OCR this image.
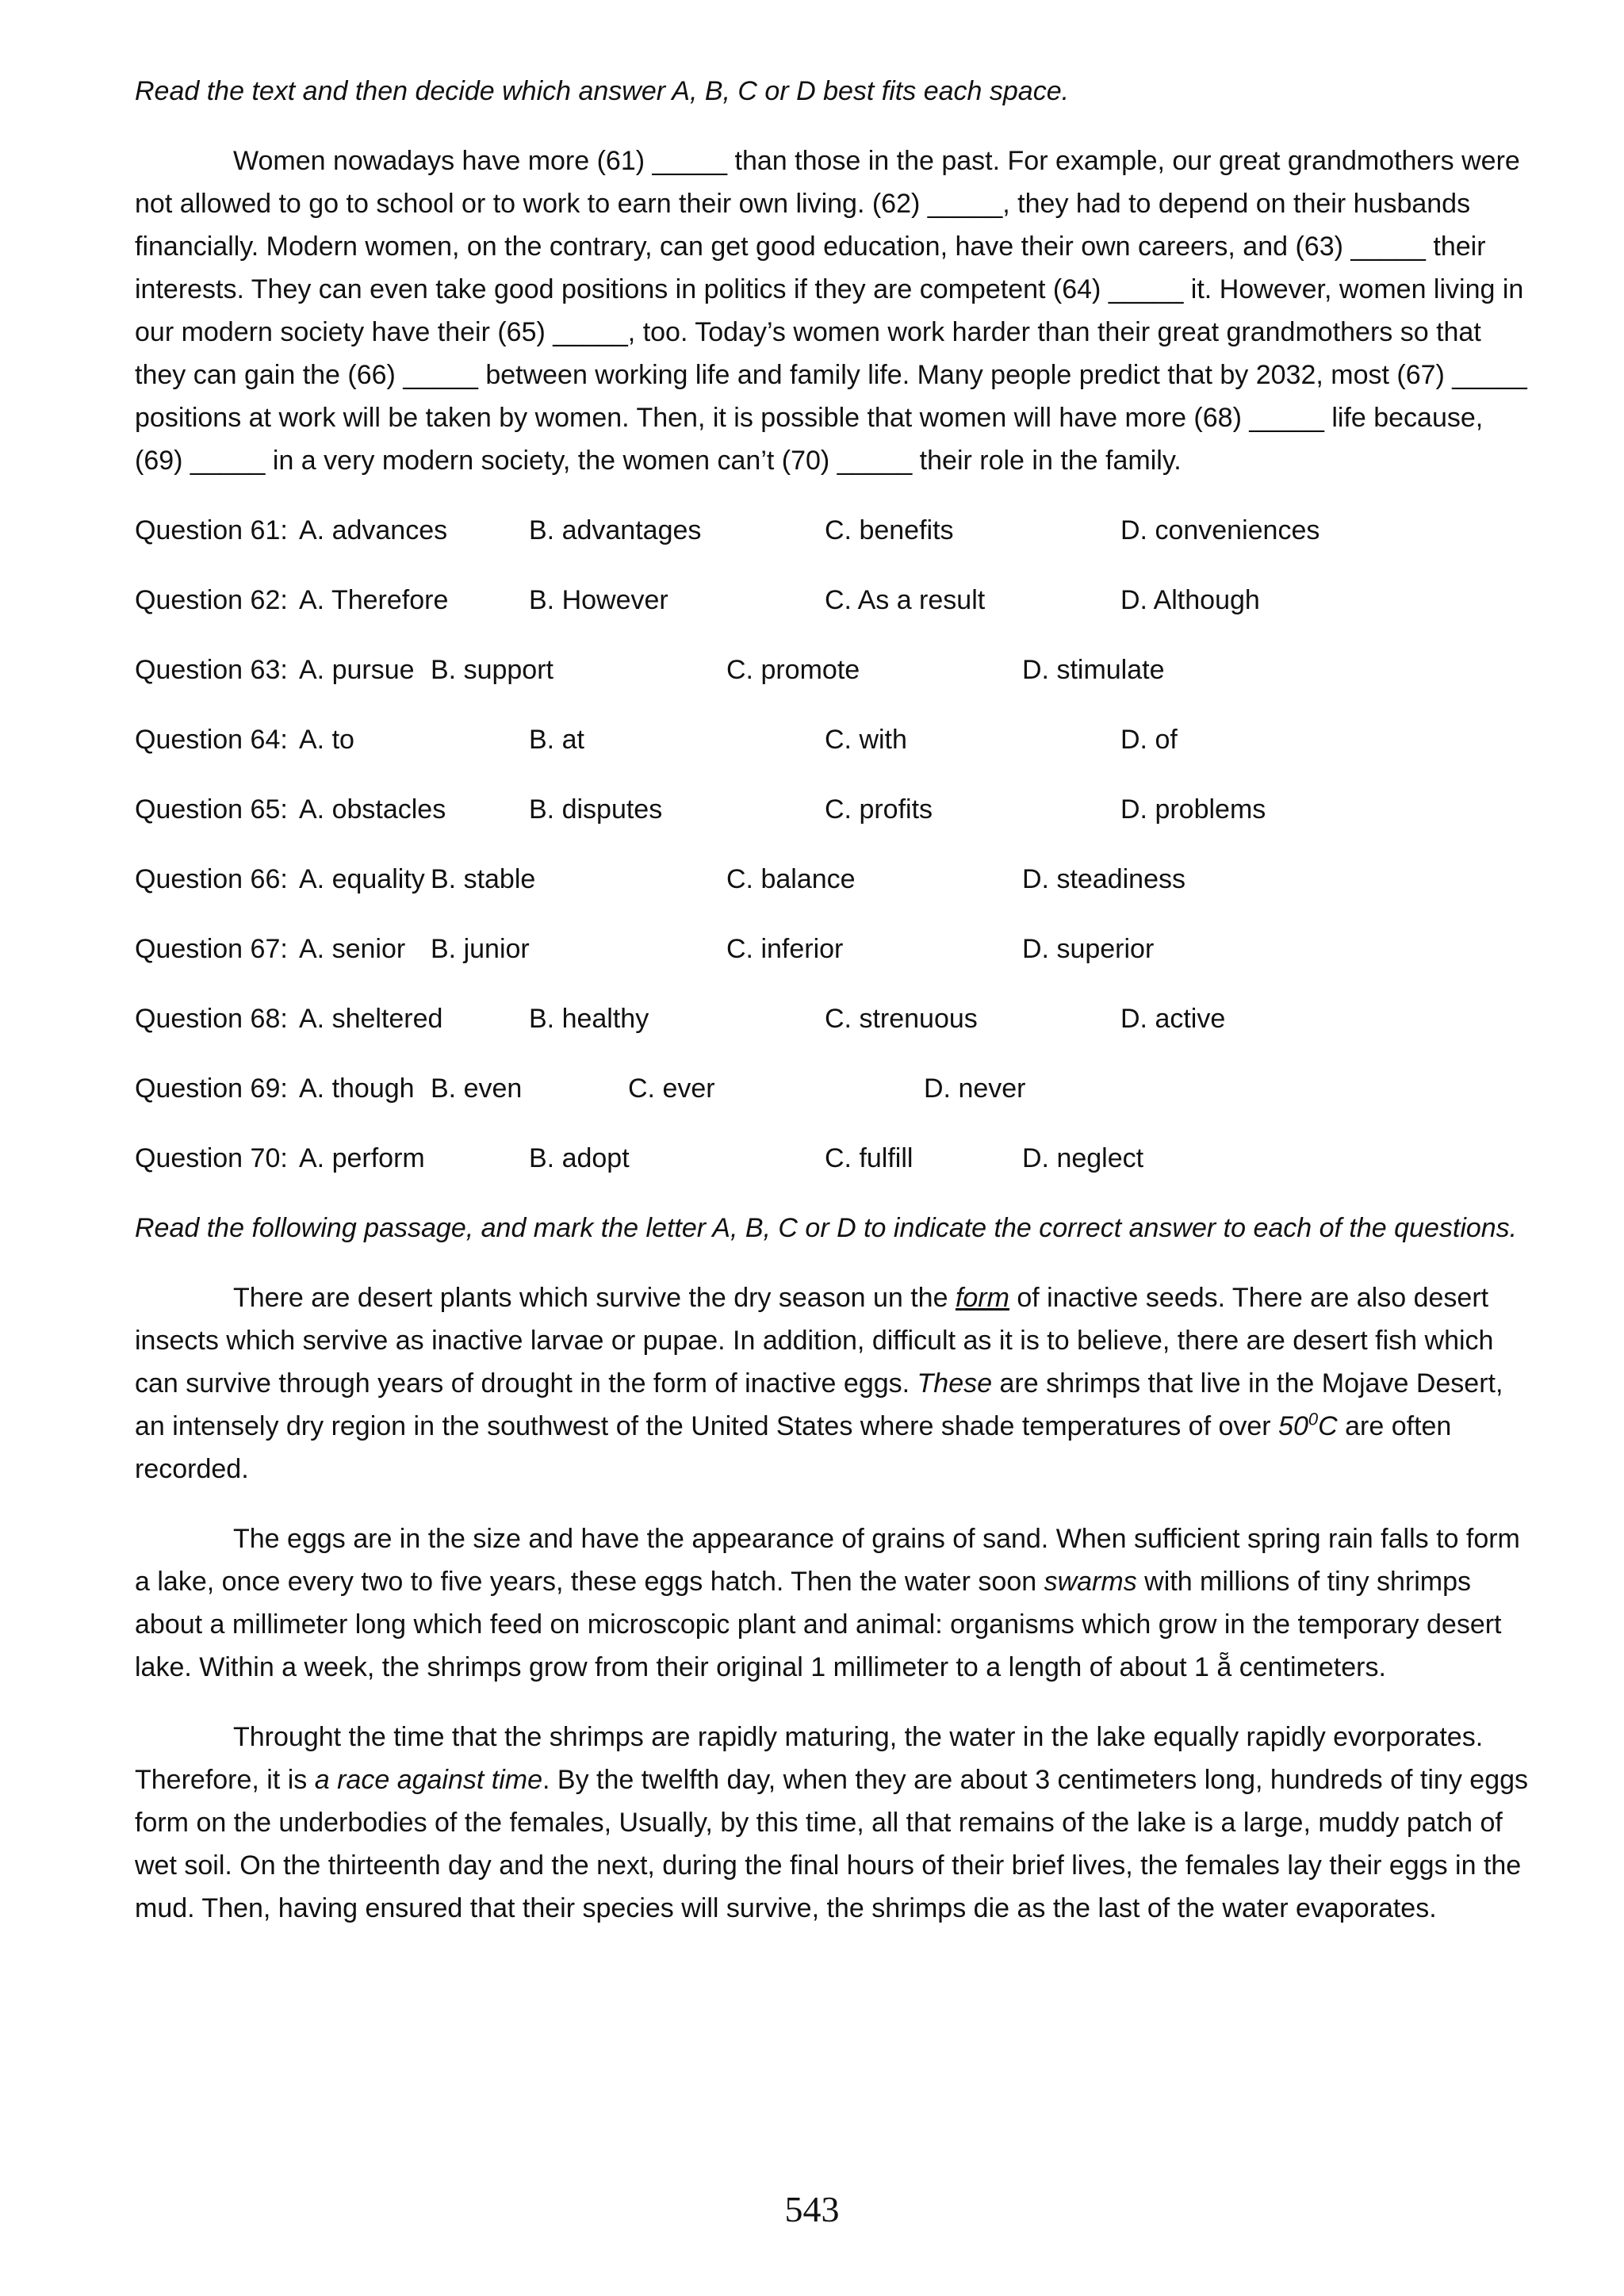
Read the text and then decide which answer A, B, C or D best fits each space.

Women nowadays have more (61) _____ than those in the past. For example, our great grandmothers were not allowed to go to school or to work to earn their own living. (62) _____, they had to depend on their husbands financially. Modern women, on the contrary, can get good education, have their own careers, and (63) _____ their interests. They can even take good positions in politics if they are competent (64) _____ it. However, women living in our modern society have their (65) _____, too. Today’s women work harder than their great grandmothers so that they can gain the (66) _____ between working life and family life. Many people predict that by 2032, most (67) _____ positions at work will be taken by women. Then, it is possible that women will have more (68) _____ life because, (69) _____ in a very modern society, the women can’t (70) _____ their role in the family.

Question 61: A. advances	B. advantages	C. benefits	D. conveniences
Question 62: A. Therefore	B. However	C. As a result	D. Although
Question 63: A. pursue B. support	C. promote	D. stimulate
Question 64: A. to	B. at	C. with	D. of
Question 65: A. obstacles	B. disputes	C. profits	D. problems
Question 66: A. equality B. stable	C. balance	D. steadiness
Question 67: A. senior B. junior	C. inferior	D. superior
Question 68: A. sheltered	B. healthy	C. strenuous	D. active
Question 69: A. though B. even	C. ever	D. never
Question 70: A. perform	B. adopt	C. fulfill	D. neglect

Read the following passage, and mark the letter A, B, C or D to indicate the correct answer to each of the questions.

There are desert plants which survive the dry season un the form of inactive seeds. There are also desert insects which servive as inactive larvae or pupae. In addition, difficult as it is to believe, there are desert fish which can survive through years of drought in the form of inactive eggs. These are shrimps that live in the Mojave Desert, an intensely dry region in the southwest of the United States where shade temperatures of over $50^0C$ are often recorded.

The eggs are in the size and have the appearance of grains of sand. When sufficient spring rain falls to form a lake, once every two to five years, these eggs hatch. Then the water soon swarms with millions of tiny shrimps about a millimeter long which feed on microscopic plant and animal: organisms which grow in the temporary desert lake. Within a week, the shrimps grow from their original 1 millimeter to a length of about 1 ẵ centimeters.

Throught the time that the shrimps are rapidly maturing, the water in the lake equally rapidly evorporates. Therefore, it is a race against time. By the twelfth day, when they are about 3 centimeters long, hundreds of tiny eggs form on the underbodies of the females, Usually, by this time, all that remains of the lake is a large, muddy patch of wet soil. On the thirteenth day and the next, during the final hours of their brief lives, the females lay their eggs in the mud. Then, having ensured that their species will survive, the shrimps die as the last of the water evaporates.

543
